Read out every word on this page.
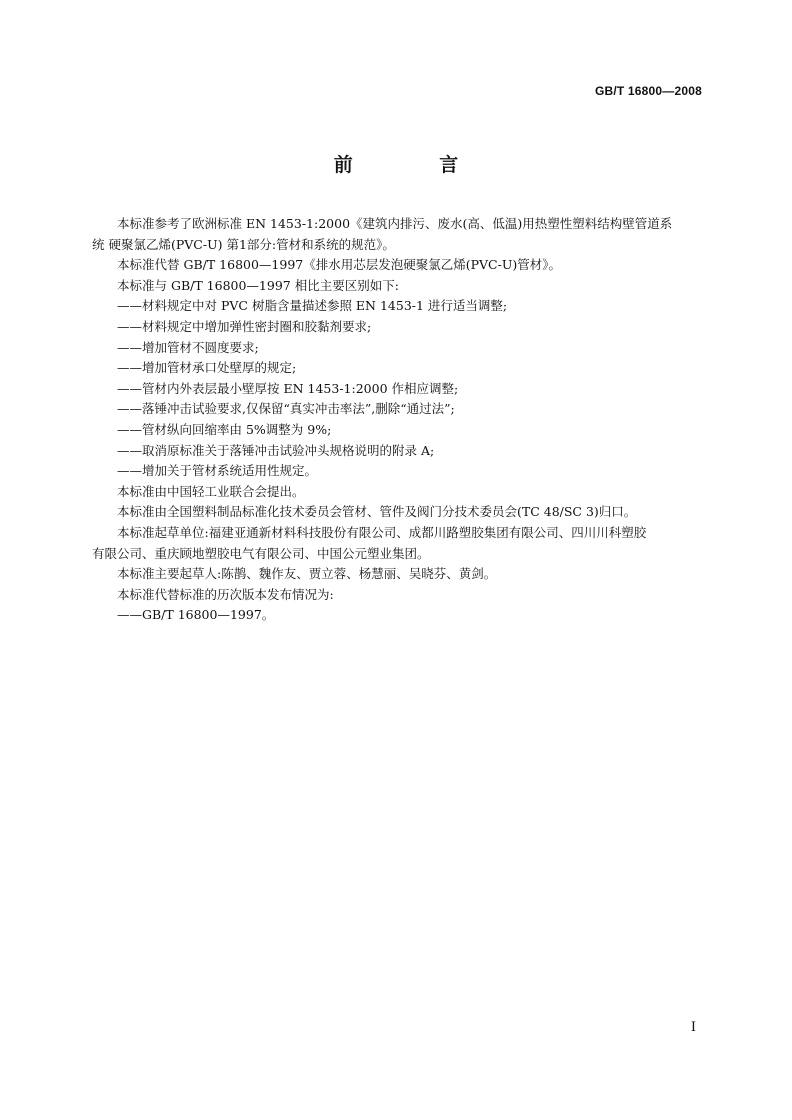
GB/T 16800—2008
前 言

本标准参考了欧洲标准 EN 1453-1:2000《建筑内排污、废水(高、低温)用热塑性塑料结构壁管道系

统 硬聚氯乙烯(PVC-U) 第1部分:管材和系统的规范》。

本标准代替 GB/T 16800—1997《排水用芯层发泡硬聚氯乙烯(PVC-U)管材》。

本标准与 GB/T 16800—1997 相比主要区别如下:

——材料规定中对 PVC 树脂含量描述参照 EN 1453-1 进行适当调整;

——材料规定中增加弹性密封圈和胶黏剂要求;

——增加管材不圆度要求;

——增加管材承口处壁厚的规定;

——管材内外表层最小壁厚按 EN 1453-1:2000 作相应调整;

——落锤冲击试验要求,仅保留“真实冲击率法”,删除“通过法”;

——管材纵向回缩率由 5%调整为 9%;

——取消原标准关于落锤冲击试验冲头规格说明的附录 A;

——增加关于管材系统适用性规定。

本标准由中国轻工业联合会提出。

本标准由全国塑料制品标准化技术委员会管材、管件及阀门分技术委员会(TC 48/SC 3)归口。

本标准起草单位:福建亚通新材料科技股份有限公司、成都川路塑胶集团有限公司、四川川科塑胶

有限公司、重庆顾地塑胶电气有限公司、中国公元塑业集团。

本标准主要起草人:陈鹊、魏作友、贾立蓉、杨慧丽、吴晓芬、黄剑。

本标准代替标准的历次版本发布情况为:

——GB/T 16800—1997。

I
